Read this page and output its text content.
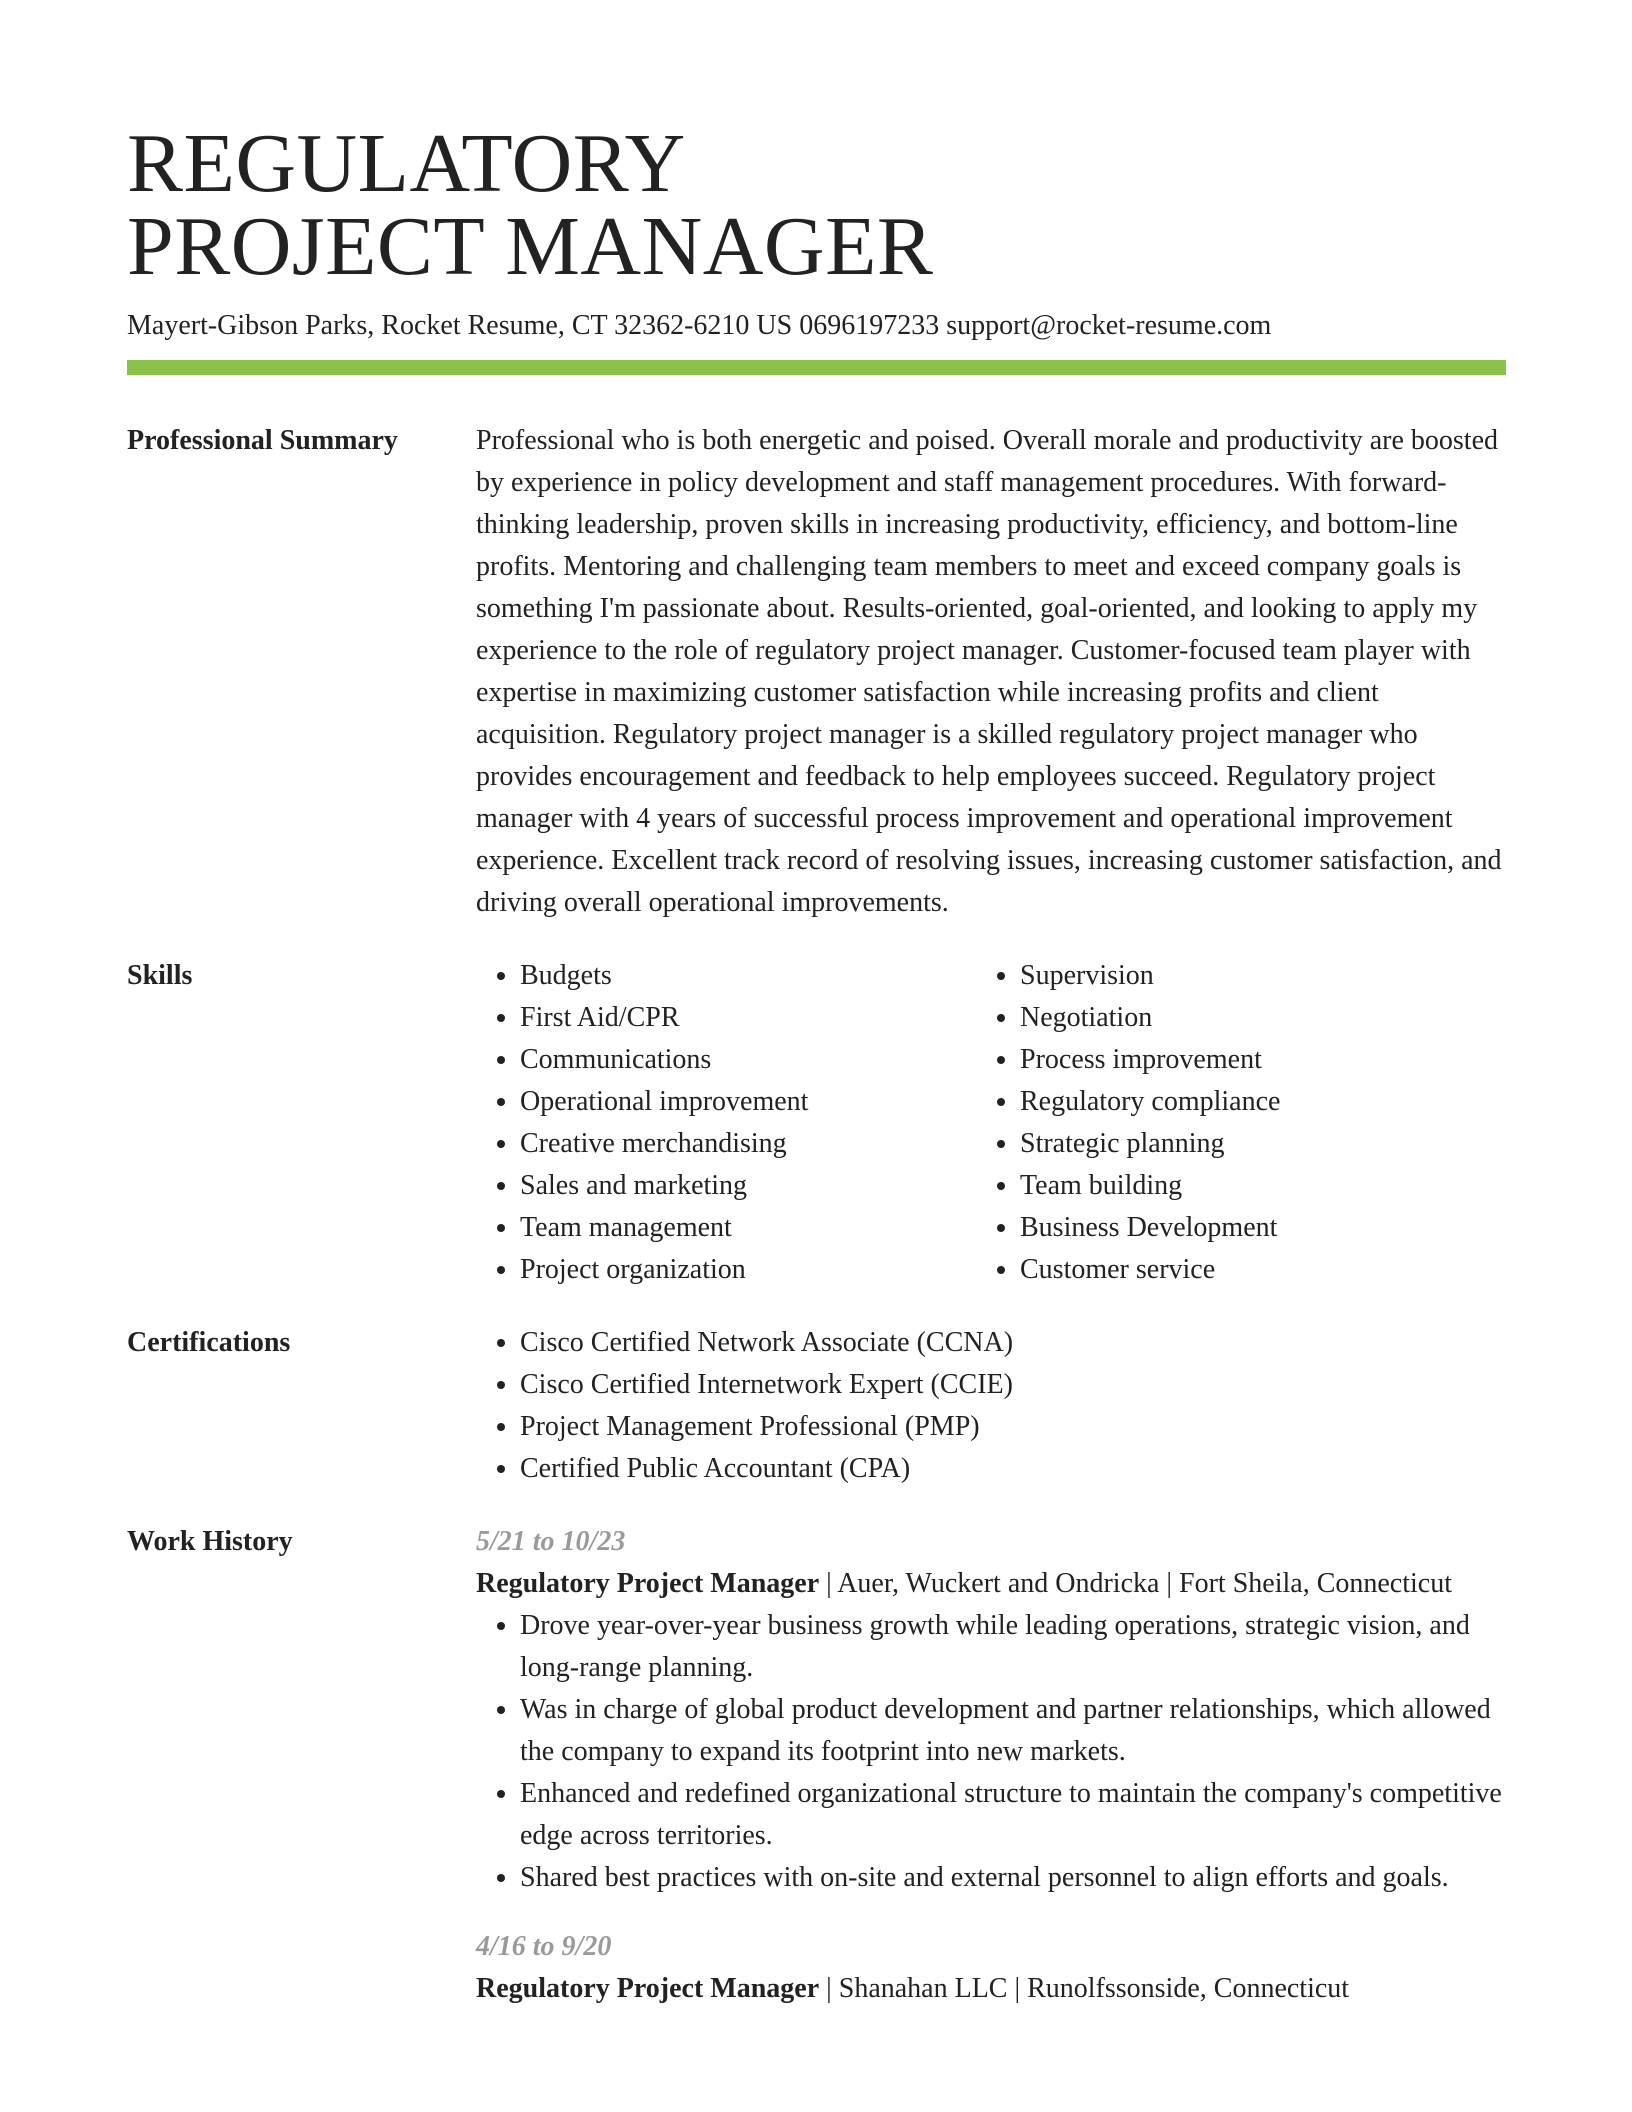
REGULATORY
PROJECT MANAGER
Mayert-Gibson Parks, Rocket Resume, CT 32362-6210 US 0696197233 support@rocket-resume.com
Professional Summary	Professional who is both energetic and poised. Overall morale and productivity are boosted by experience in policy development and staff management procedures. With forward-thinking leadership, proven skills in increasing productivity, efficiency, and bottom-line profits. Mentoring and challenging team members to meet and exceed company goals is something I'm passionate about. Results-oriented, goal-oriented, and looking to apply my experience to the role of regulatory project manager. Customer-focused team player with expertise in maximizing customer satisfaction while increasing profits and client acquisition. Regulatory project manager is a skilled regulatory project manager who provides encouragement and feedback to help employees succeed. Regulatory project manager with 4 years of successful process improvement and operational improvement experience. Excellent track record of resolving issues, increasing customer satisfaction, and driving overall operational improvements.

Skills	• Budgets
• First Aid/CPR
• Communications
• Operational improvement
• Creative merchandising
• Sales and marketing
• Team management
• Project organization
• Supervision
• Negotiation
• Process improvement
• Regulatory compliance
• Strategic planning
• Team building
• Business Development
• Customer service
Certifications	• Cisco Certified Network Associate (CCNA)
• Cisco Certified Internetwork Expert (CCIE)
• Project Management Professional (PMP)
• Certified Public Accountant (CPA)
Work History	5/21 to 10/23
Regulatory Project Manager | Auer, Wuckert and Ondricka | Fort Sheila, Connecticut
• Drove year-over-year business growth while leading operations, strategic vision, and long-range planning.
• Was in charge of global product development and partner relationships, which allowed the company to expand its footprint into new markets.
• Enhanced and redefined organizational structure to maintain the company's competitive edge across territories.
• Shared best practices with on-site and external personnel to align efforts and goals.
4/16 to 9/20
Regulatory Project Manager | Shanahan LLC | Runolfssonside, Connecticut
